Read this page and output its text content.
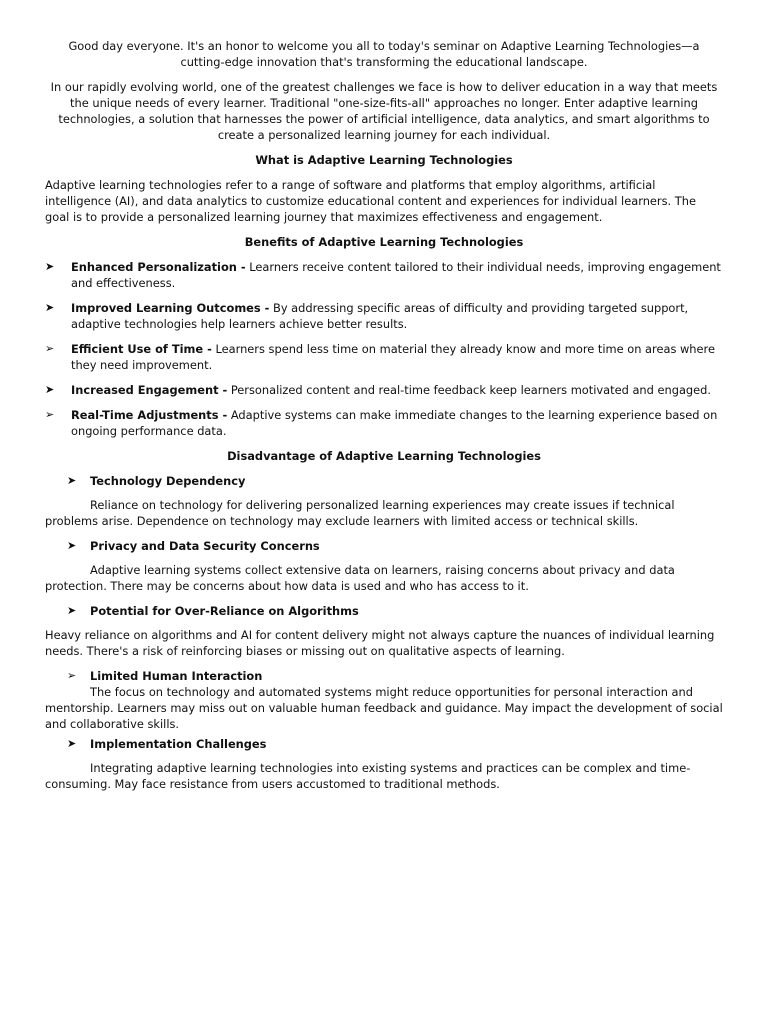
Good day everyone. It's an honor to welcome you all to today's seminar on Adaptive Learning Technologies—a cutting-edge innovation that's transforming the educational landscape.

In our rapidly evolving world, one of the greatest challenges we face is how to deliver education in a way that meets the unique needs of every learner. Traditional "one-size-fits-all" approaches no longer. Enter adaptive learning technologies, a solution that harnesses the power of artificial intelligence, data analytics, and smart algorithms to create a personalized learning journey for each individual.

What is Adaptive Learning Technologies

Adaptive learning technologies refer to a range of software and platforms that employ algorithms, artificial intelligence (AI), and data analytics to customize educational content and experiences for individual learners. The goal is to provide a personalized learning journey that maximizes effectiveness and engagement.

Benefits of Adaptive Learning Technologies

➤	Enhanced Personalization - Learners receive content tailored to their individual needs, improving engagement and effectiveness.
➤	Improved Learning Outcomes - By addressing specific areas of difficulty and providing targeted support, adaptive technologies help learners achieve better results.
➢	Efficient Use of Time - Learners spend less time on material they already know and more time on areas where they need improvement.
➤	Increased Engagement - Personalized content and real-time feedback keep learners motivated and engaged.
➢	Real-Time Adjustments - Adaptive systems can make immediate changes to the learning experience based on ongoing performance data.

Disadvantage of Adaptive Learning Technologies

➤ Technology Dependency

Reliance on technology for delivering personalized learning experiences may create issues if technical problems arise. Dependence on technology may exclude learners with limited access or technical skills.

➤ Privacy and Data Security Concerns

Adaptive learning systems collect extensive data on learners, raising concerns about privacy and data protection. There may be concerns about how data is used and who has access to it.

➤ Potential for Over-Reliance on Algorithms

Heavy reliance on algorithms and AI for content delivery might not always capture the nuances of individual learning needs. There's a risk of reinforcing biases or missing out on qualitative aspects of learning.

➢ Limited Human Interaction

The focus on technology and automated systems might reduce opportunities for personal interaction and mentorship. Learners may miss out on valuable human feedback and guidance. May impact the development of social and collaborative skills.

➤ Implementation Challenges

Integrating adaptive learning technologies into existing systems and practices can be complex and time-consuming. May face resistance from users accustomed to traditional methods.
